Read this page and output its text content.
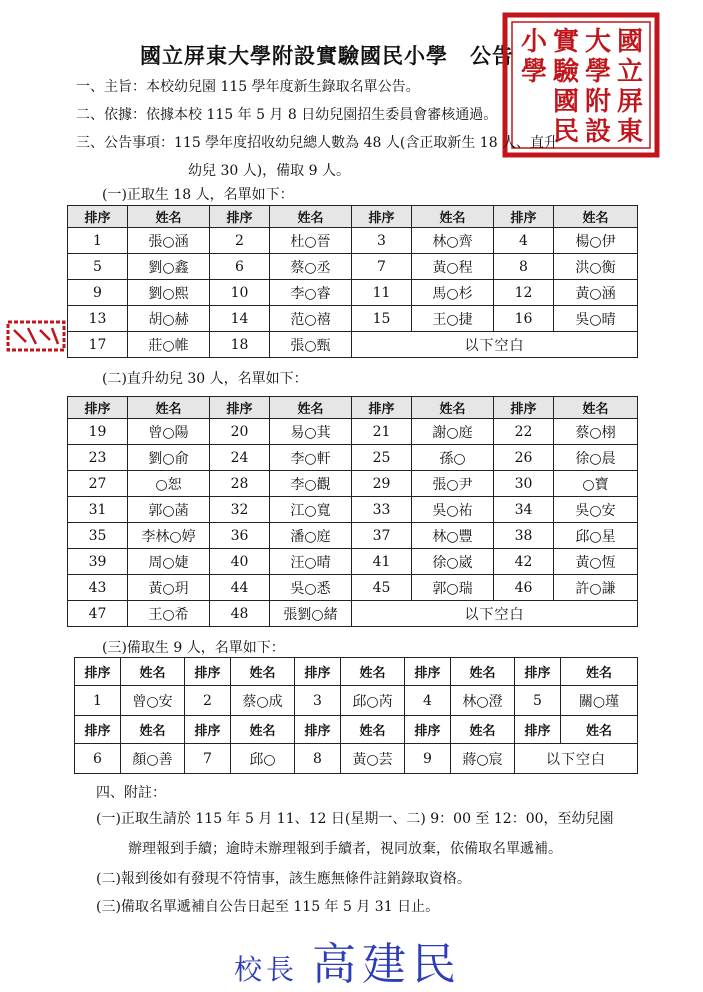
國立屏東大學附設實驗國民小學 公告	國
立
屏
東
大
學
附
設
實
驗
國
民
小
學
一、主旨：本校幼兒園 115 學年度新生錄取名單公告。
二、依據：依據本校 115 年 5 月 8 日幼兒園招生委員會審核通過。
三、公告事項：115 學年度招收幼兒總人數為 48 人(含正取新生 18 人、直升
幼兒 30 人)，備取 9 人。
(一)正取生 18 人，名單如下：
排序	姓名	排序	姓名	排序	姓名	排序	姓名
1	張○涵	2	杜○晉	3	林○齊	4	楊○伊
5	劉○鑫	6	蔡○丞	7	黃○程	8	洪○衡
9	劉○熙	10	李○睿	11	馬○杉	12	黃○涵
13	胡○赫	14	范○禧	15	王○捷	16	吳○晴
17	莊○帷	18	張○甄	以下空白			
(二)直升幼兒 30 人，名單如下：
排序	姓名	排序	姓名	排序	姓名	排序	姓名
19	曾○陽	20	易○萁	21	謝○庭	22	蔡○栩
23	劉○俞	24	李○軒	25	孫○	26	徐○晨
27	○恕	28	李○觀	29	張○尹	30	○寶
31	郭○菡	32	江○寬	33	吳○祐	34	吳○安
35	李林○婷	36	潘○庭	37	林○豐	38	邱○星
39	周○婕	40	汪○晴	41	徐○崴	42	黃○恆
43	黃○玥	44	吳○悉	45	郭○瑞	46	許○謙
47	王○希	48	張劉○緒	以下空白			
(三)備取生 9 人，名單如下：
排序	姓名	排序	姓名	排序	姓名	排序	姓名	排序	姓名
1	曾○安	2	蔡○成	3	邱○芮	4	林○澄	5	關○瑾
排序	姓名	排序	姓名	排序	姓名	排序	姓名	排序	姓名
6	顏○善	7	邱○	8	黃○芸	9	蔣○宸	以下空白	
四、附註：
(一)正取生請於 115 年 5 月 11、12 日(星期一、二) 9：00 至 12：00，至幼兒園
辦理報到手續；逾時未辦理報到手續者，視同放棄，依備取名單遞補。
(二)報到後如有發現不符情事，該生應無條件註銷錄取資格。
(三)備取名單遞補自公告日起至 115 年 5 月 31 日止。
校長 高建民
